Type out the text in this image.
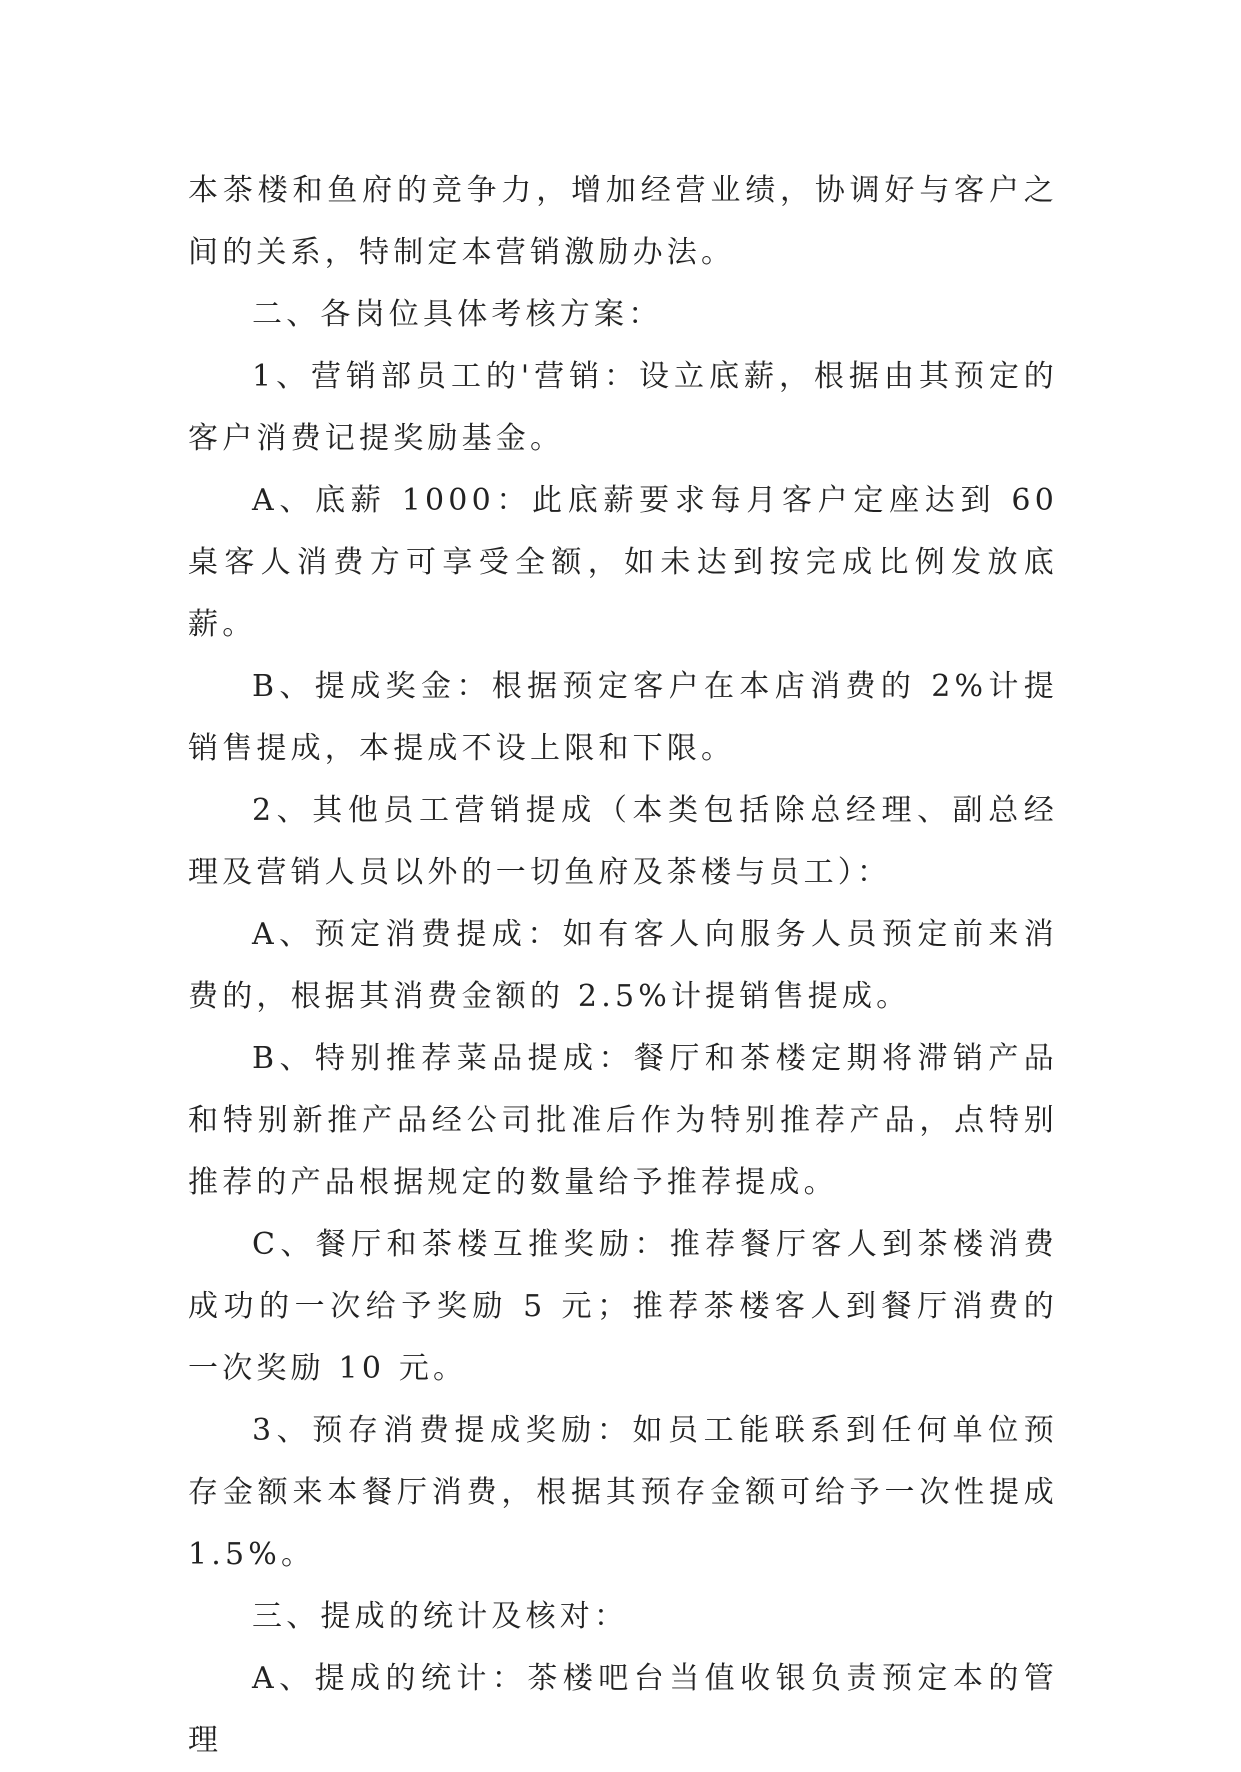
本茶楼和鱼府的竞争力，增加经营业绩，协调好与客户之间的关系，特制定本营销激励办法。

二、各岗位具体考核方案：

1、营销部员工的'营销：设立底薪，根据由其预定的客户消费记提奖励基金。

A、底薪 1000：此底薪要求每月客户定座达到 60 桌客人消费方可享受全额，如未达到按完成比例发放底薪。

B、提成奖金：根据预定客户在本店消费的 2%计提销售提成，本提成不设上限和下限。

2、其他员工营销提成（本类包括除总经理、副总经理及营销人员以外的一切鱼府及茶楼与员工）：

A、预定消费提成：如有客人向服务人员预定前来消费的，根据其消费金额的 2.5%计提销售提成。

B、特别推荐菜品提成：餐厅和茶楼定期将滞销产品和特别新推产品经公司批准后作为特别推荐产品，点特别推荐的产品根据规定的数量给予推荐提成。

C、餐厅和茶楼互推奖励：推荐餐厅客人到茶楼消费成功的一次给予奖励 5 元；推荐茶楼客人到餐厅消费的一次奖励 10 元。

3、预存消费提成奖励：如员工能联系到任何单位预存金额来本餐厅消费，根据其预存金额可给予一次性提成 1.5%。

三、提成的统计及核对：

A、提成的统计：茶楼吧台当值收银负责预定本的管理
